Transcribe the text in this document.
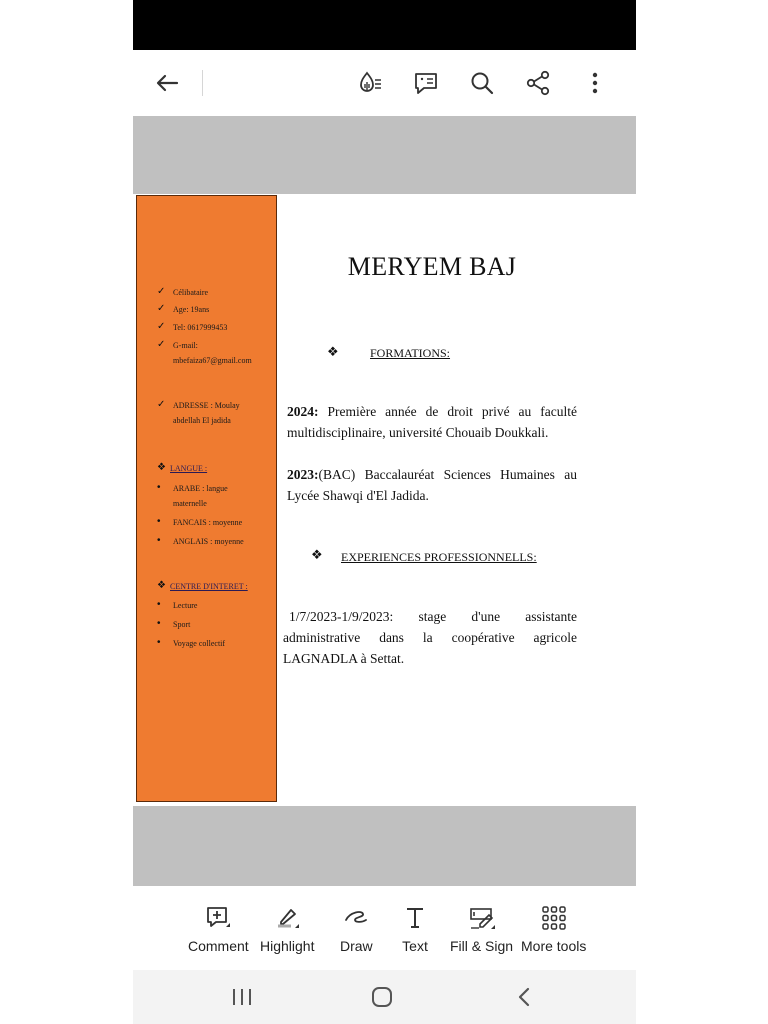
✓ Célibataire
✓ Age: 19ans
✓ Tel: 0617999453
✓ G-mail:
mbefaiza67@gmail.com
✓ ADRESSE : Moulay
abdellah El jadida
❖ LANGUE :
•	ARABE : langue
maternelle
•	FANCAIS : moyenne
•	ANGLAIS : moyenne
❖ CENTRE D'INTERET :
•	Lecture
•	Sport
•	Voyage collectif
MERYEM BAJ
❖	FORMATIONS:
2024: Première année de droit privé au faculté multidisciplinaire, université Chouaib Doukkali.
2023:(BAC) Baccalauréat Sciences Humaines au Lycée Shawqi d'El Jadida.
❖ EXPERIENCES PROFESSIONNELLS:
1/7/2023-1/9/2023: stage d'une assistante administrative dans la coopérative agricole LAGNADLA à Settat.
Comment Highlight Draw Text Fill & Sign More tools
